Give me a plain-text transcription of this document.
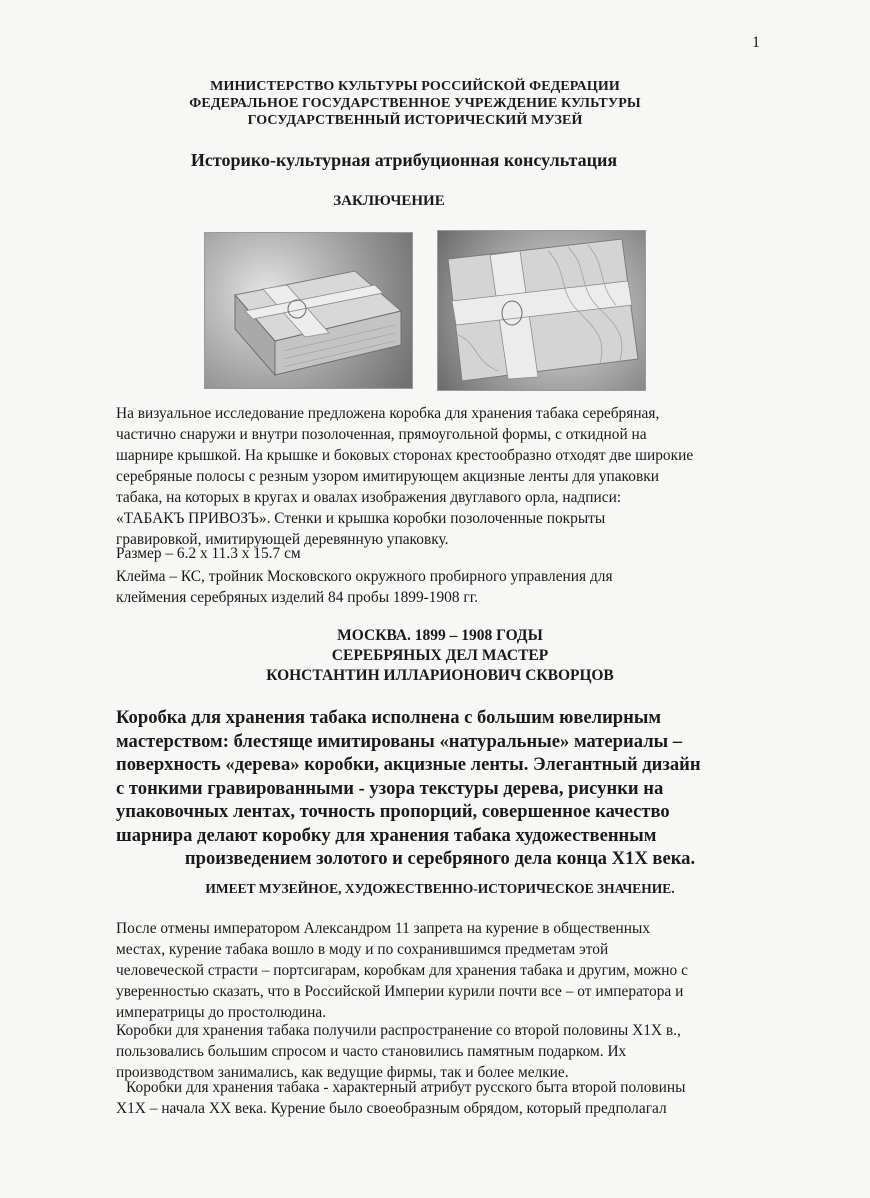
1
МИНИСТЕРСТВО КУЛЬТУРЫ РОССИЙСКОЙ ФЕДЕРАЦИИ
ФЕДЕРАЛЬНОЕ ГОСУДАРСТВЕННОЕ УЧРЕЖДЕНИЕ КУЛЬТУРЫ
ГОСУДАРСТВЕННЫЙ ИСТОРИЧЕСКИЙ МУЗЕЙ
Историко-культурная атрибуционная консультация
ЗАКЛЮЧЕНИЕ
На визуальное исследование предложена коробка для хранения табака серебряная,
частично снаружи и внутри позолоченная, прямоугольной формы, с откидной на
шарнире крышкой. На крышке и боковых сторонах крестообразно отходят две широкие
серебряные полосы с резным узором имитирующем акцизные ленты для упаковки
табака, на которых в кругах и овалах изображения двуглавого орла, надписи:
«ТАБАКЪ ПРИВОЗЪ». Стенки и крышка коробки позолоченные покрыты
гравировкой, имитирующей деревянную упаковку.
Размер – 6.2 х 11.3 х 15.7 см
Клейма – КС, тройник Московского окружного пробирного управления для
клеймения серебряных изделий 84 пробы 1899-1908 гг.
МОСКВА. 1899 – 1908 ГОДЫ
СЕРЕБРЯНЫХ ДЕЛ МАСТЕР
КОНСТАНТИН ИЛЛАРИОНОВИЧ СКВОРЦОВ
Коробка для хранения табака исполнена с большим ювелирным
мастерством: блестяще имитированы «натуральные» материалы –
поверхность «дерева» коробки, акцизные ленты. Элегантный дизайн
с тонкими гравированными - узора текстуры дерева, рисунки на
упаковочных лентах, точность пропорций, совершенное качество
шарнира делают коробку для хранения табака художественным
произведением золотого и серебряного дела конца Х1Х века.
ИМЕЕТ МУЗЕЙНОЕ, ХУДОЖЕСТВЕННО-ИСТОРИЧЕСКОЕ ЗНАЧЕНИЕ.
После отмены императором Александром 11 запрета на курение в общественных
местах, курение табака вошло в моду и по сохранившимся предметам этой
человеческой страсти – портсигарам, коробкам для хранения табака и другим, можно с
уверенностью сказать, что в Российской Империи курили почти все – от императора и
императрицы до простолюдина.
Коробки для хранения табака получили распространение со второй половины Х1Х в.,
пользовались большим спросом и часто становились памятным подарком. Их
производством занимались, как ведущие фирмы, так и более мелкие.
Коробки для хранения табака - характерный атрибут русского быта второй половины
Х1Х – начала ХХ века. Курение было своеобразным обрядом, который предполагал
